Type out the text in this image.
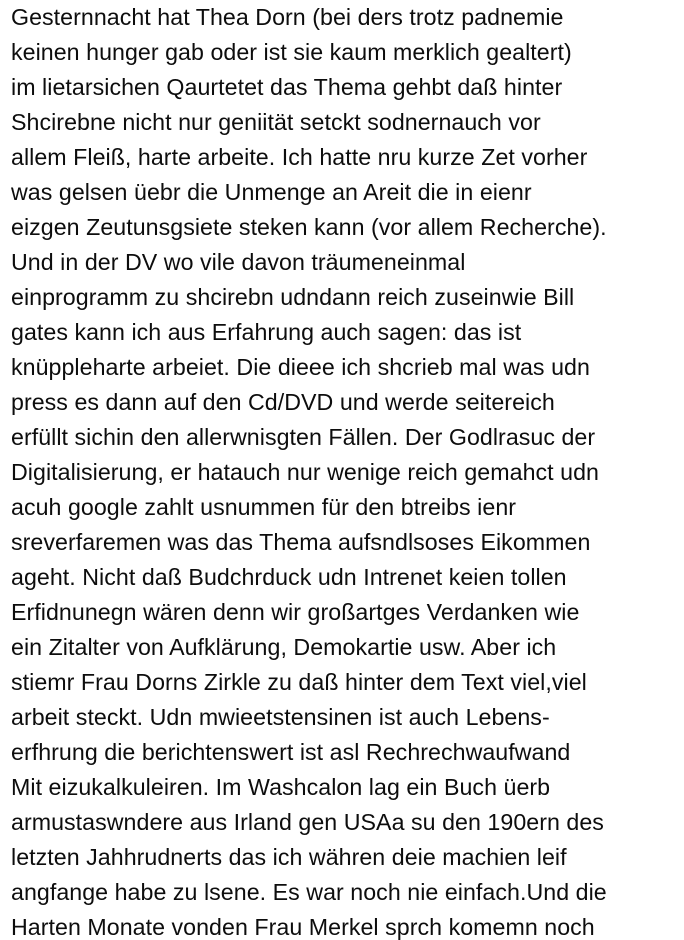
Gesternnacht hat Thea Dorn (bei ders trotz padnemie
keinen hunger gab oder ist sie kaum merklich gealtert)
im lietarsichen Qaurtetet das Thema gehbt daß hinter
Shcirebne nicht nur geniität setckt sodnernauch vor
allem Fleiß, harte arbeite. Ich hatte nru kurze Zet vorher
was gelsen üebr die Unmenge an Areit die in eienr
eizgen Zeutunsgsiete steken kann (vor allem Recherche).
Und in der DV wo vile davon träumeneinmal
einprogramm zu shcirebn udndann reich zuseinwie Bill
gates kann ich aus Erfahrung auch sagen: das ist
knüppleharte arbeiet. Die dieee ich shcrieb mal was udn
press es dann auf den Cd/DVD und werde seitereich
erfüllt sichin den allerwnisgten Fällen. Der Godlrasuc der
Digitalisierung, er hatauch nur wenige reich gemahct udn
acuh google zahlt usnummen für den btreibs ienr
sreverfaremen was das Thema aufsndlsoses Eikommen
ageht. Nicht daß Budchrduck udn Intrenet keien tollen
Erfidnunegn wären denn wir großartges Verdanken wie
ein Zitalter von Aufklärung, Demokartie usw. Aber ich
stiemr Frau Dorns Zirkle zu daß hinter dem Text viel,viel
arbeit steckt. Udn mwieetstensinen ist auch Lebens-
erfhrung die berichtenswert ist asl Rechrechwaufwand
Mit eizukalkuleiren. Im Washcalon lag ein Buch üerb
armustaswndere aus Irland gen USAa su den 190ern des
letzten Jahhrudnerts das ich währen deie machien leif
angfange habe zu lsene. Es war noch nie einfach.Und die
Harten Monate vonden Frau Merkel sprch komemn noch
